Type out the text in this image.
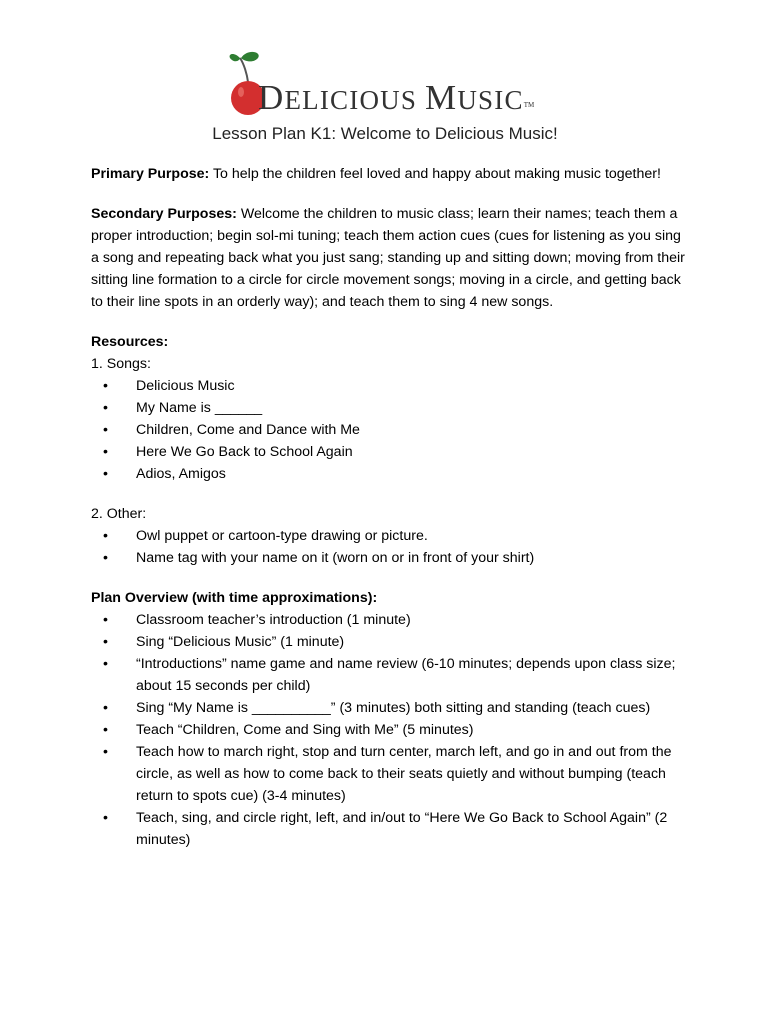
DELICIOUS MUSICTM
Lesson Plan K1: Welcome to Delicious Music!

Primary Purpose: To help the children feel loved and happy about making music together!

Secondary Purposes: Welcome the children to music class; learn their names; teach them a proper introduction; begin sol-mi tuning; teach them action cues (cues for listening as you sing a song and repeating back what you just sang; standing up and sitting down; moving from their sitting line formation to a circle for circle movement songs; moving in a circle, and getting back to their line spots in an orderly way); and teach them to sing 4 new songs.

Resources:
1. Songs:
• Delicious Music
• My Name is ______
• Children, Come and Dance with Me
• Here We Go Back to School Again
• Adios, Amigos
2. Other:
• Owl puppet or cartoon-type drawing or picture.
• Name tag with your name on it (worn on or in front of your shirt)
Plan Overview (with time approximations):
• Classroom teacher’s introduction (1 minute)
• Sing “Delicious Music” (1 minute)
• “Introductions” name game and name review (6-10 minutes; depends upon class size; about 15 seconds per child)
• Sing “My Name is __________” (3 minutes) both sitting and standing (teach cues)
• Teach “Children, Come and Sing with Me” (5 minutes)
• Teach how to march right, stop and turn center, march left, and go in and out from the circle, as well as how to come back to their seats quietly and without bumping (teach return to spots cue) (3-4 minutes)
• Teach, sing, and circle right, left, and in/out to “Here We Go Back to School Again” (2 minutes)
